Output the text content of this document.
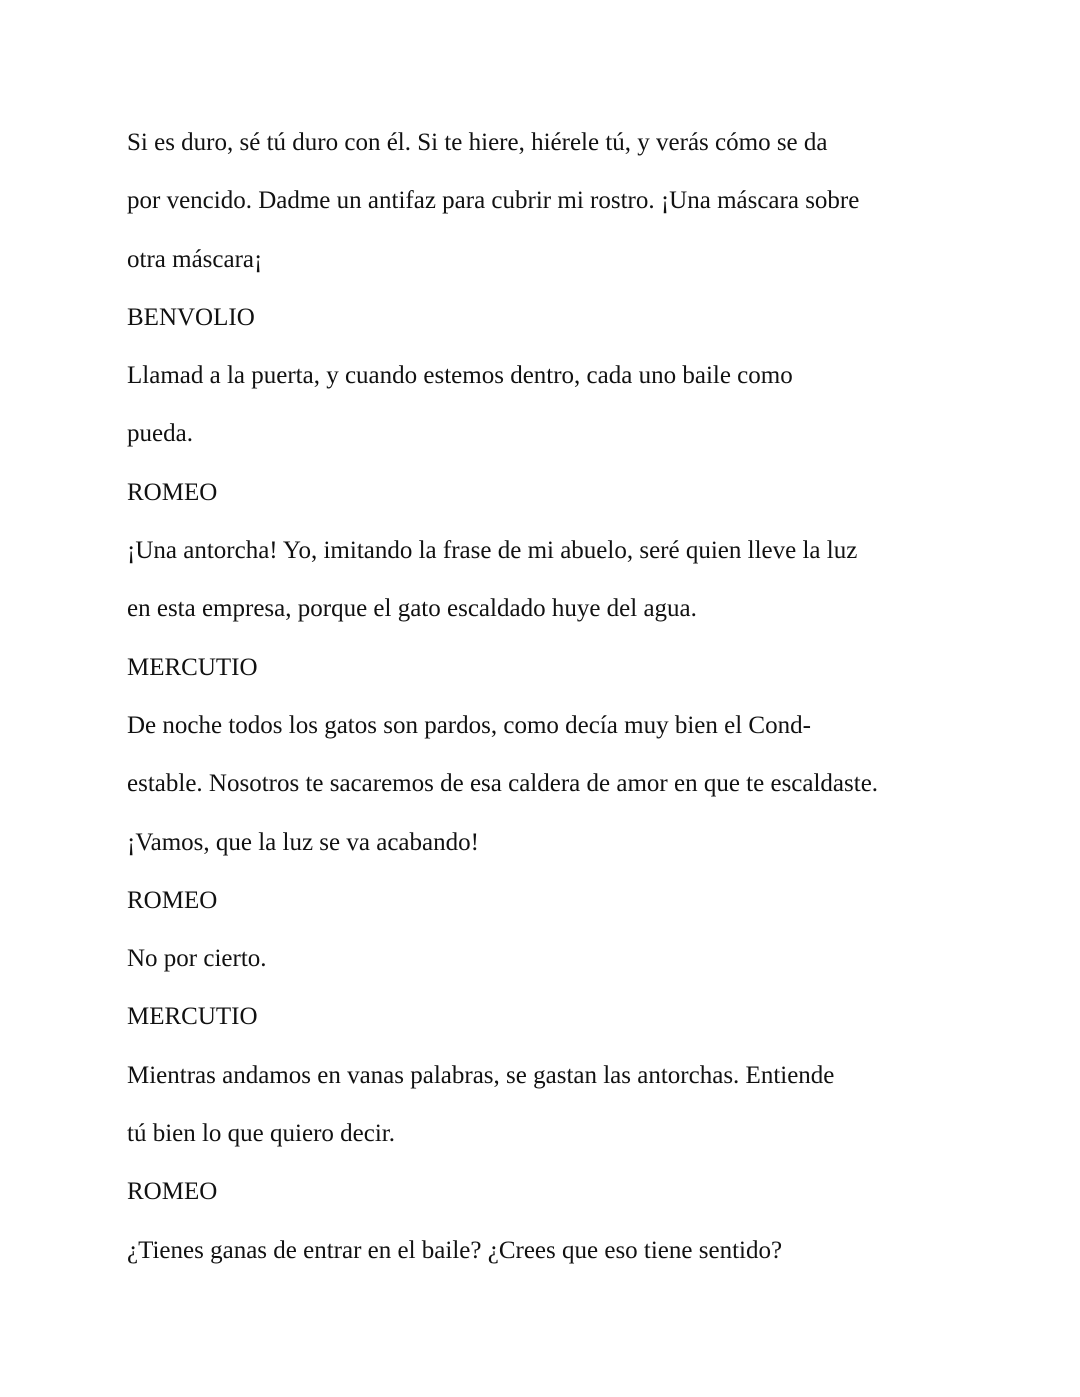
Si es duro, sé tú duro con él. Si te hiere, hiérele tú, y verás cómo se da

por vencido. Dadme un antifaz para cubrir mi rostro. ¡Una máscara sobre

otra máscara¡

BENVOLIO

Llamad a la puerta, y cuando estemos dentro, cada uno baile como

pueda.

ROMEO

¡Una antorcha! Yo, imitando la frase de mi abuelo, seré quien lleve la luz

en esta empresa, porque el gato escaldado huye del agua.

MERCUTIO

De noche todos los gatos son pardos, como decía muy bien el Cond-

estable. Nosotros te sacaremos de esa caldera de amor en que te escaldaste.

¡Vamos, que la luz se va acabando!

ROMEO

No por cierto.

MERCUTIO

Mientras andamos en vanas palabras, se gastan las antorchas. Entiende

tú bien lo que quiero decir.

ROMEO

¿Tienes ganas de entrar en el baile? ¿Crees que eso tiene sentido?
